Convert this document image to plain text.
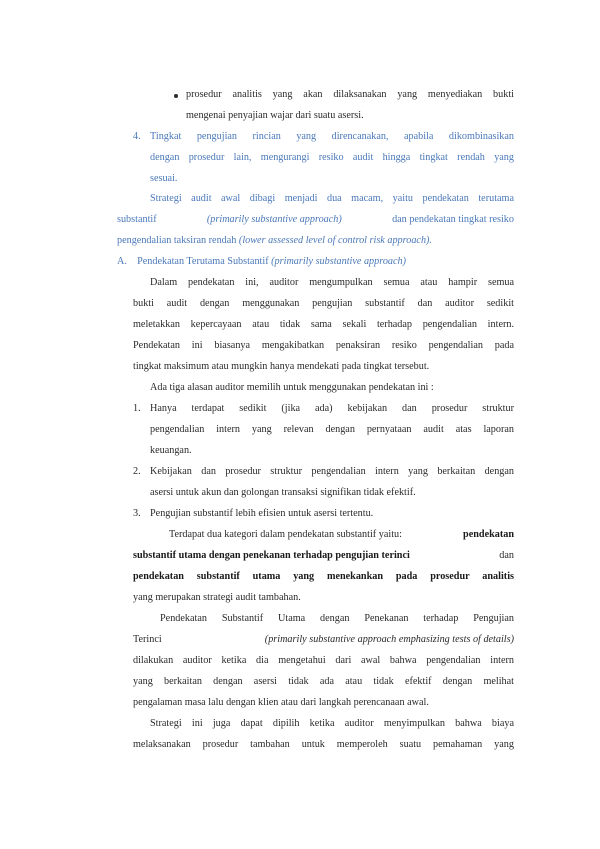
prosedur analitis yang akan dilaksanakan yang menyediakan bukti
mengenai penyajian wajar dari suatu asersi.
4. Tingkat pengujian rincian yang direncanakan, apabila dikombinasikan
dengan prosedur lain, mengurangi resiko audit hingga tingkat rendah yang
sesuai.
Strategi audit awal dibagi menjadi dua macam, yaitu pendekatan terutama
substantif	(primarily substantive approach)	dan pendekatan tingkat resiko
pengendalian taksiran rendah (lower assessed level of control risk approach).
A. Pendekatan Terutama Substantif (primarily substantive approach)
Dalam pendekatan ini, auditor mengumpulkan semua atau hampir semua
bukti audit dengan menggunakan pengujian substantif dan auditor sedikit
meletakkan kepercayaan atau tidak sama sekali terhadap pengendalian intern.
Pendekatan ini biasanya mengakibatkan penaksiran resiko pengendalian pada
tingkat maksimum atau mungkin hanya mendekati pada tingkat tersebut.
Ada tiga alasan auditor memilih untuk menggunakan pendekatan ini :
1. Hanya terdapat sedikit (jika ada) kebijakan dan prosedur struktur
pengendalian intern yang relevan dengan pernyataan audit atas laporan
keuangan.
2. Kebijakan dan prosedur struktur pengendalian intern yang berkaitan dengan
asersi untuk akun dan golongan transaksi signifikan tidak efektif.
3. Pengujian substantif lebih efisien untuk asersi tertentu.
Terdapat dua kategori dalam pendekatan substantif yaitu:	pendekatan
substantif utama dengan penekanan terhadap pengujian terinci	dan
pendekatan substantif utama yang menekankan pada prosedur analitis
yang merupakan strategi audit tambahan.
Pendekatan Substantif Utama dengan Penekanan terhadap Pengujian
Terinci	(primarily substantive approach emphasizing tests of details)
dilakukan auditor ketika dia mengetahui dari awal bahwa pengendalian intern
yang berkaitan dengan asersi tidak ada atau tidak efektif dengan melihat
pengalaman masa lalu dengan klien atau dari langkah perencanaan awal.
Strategi ini juga dapat dipilih ketika auditor menyimpulkan bahwa biaya
melaksanakan prosedur tambahan untuk memperoleh suatu pemahaman yang
